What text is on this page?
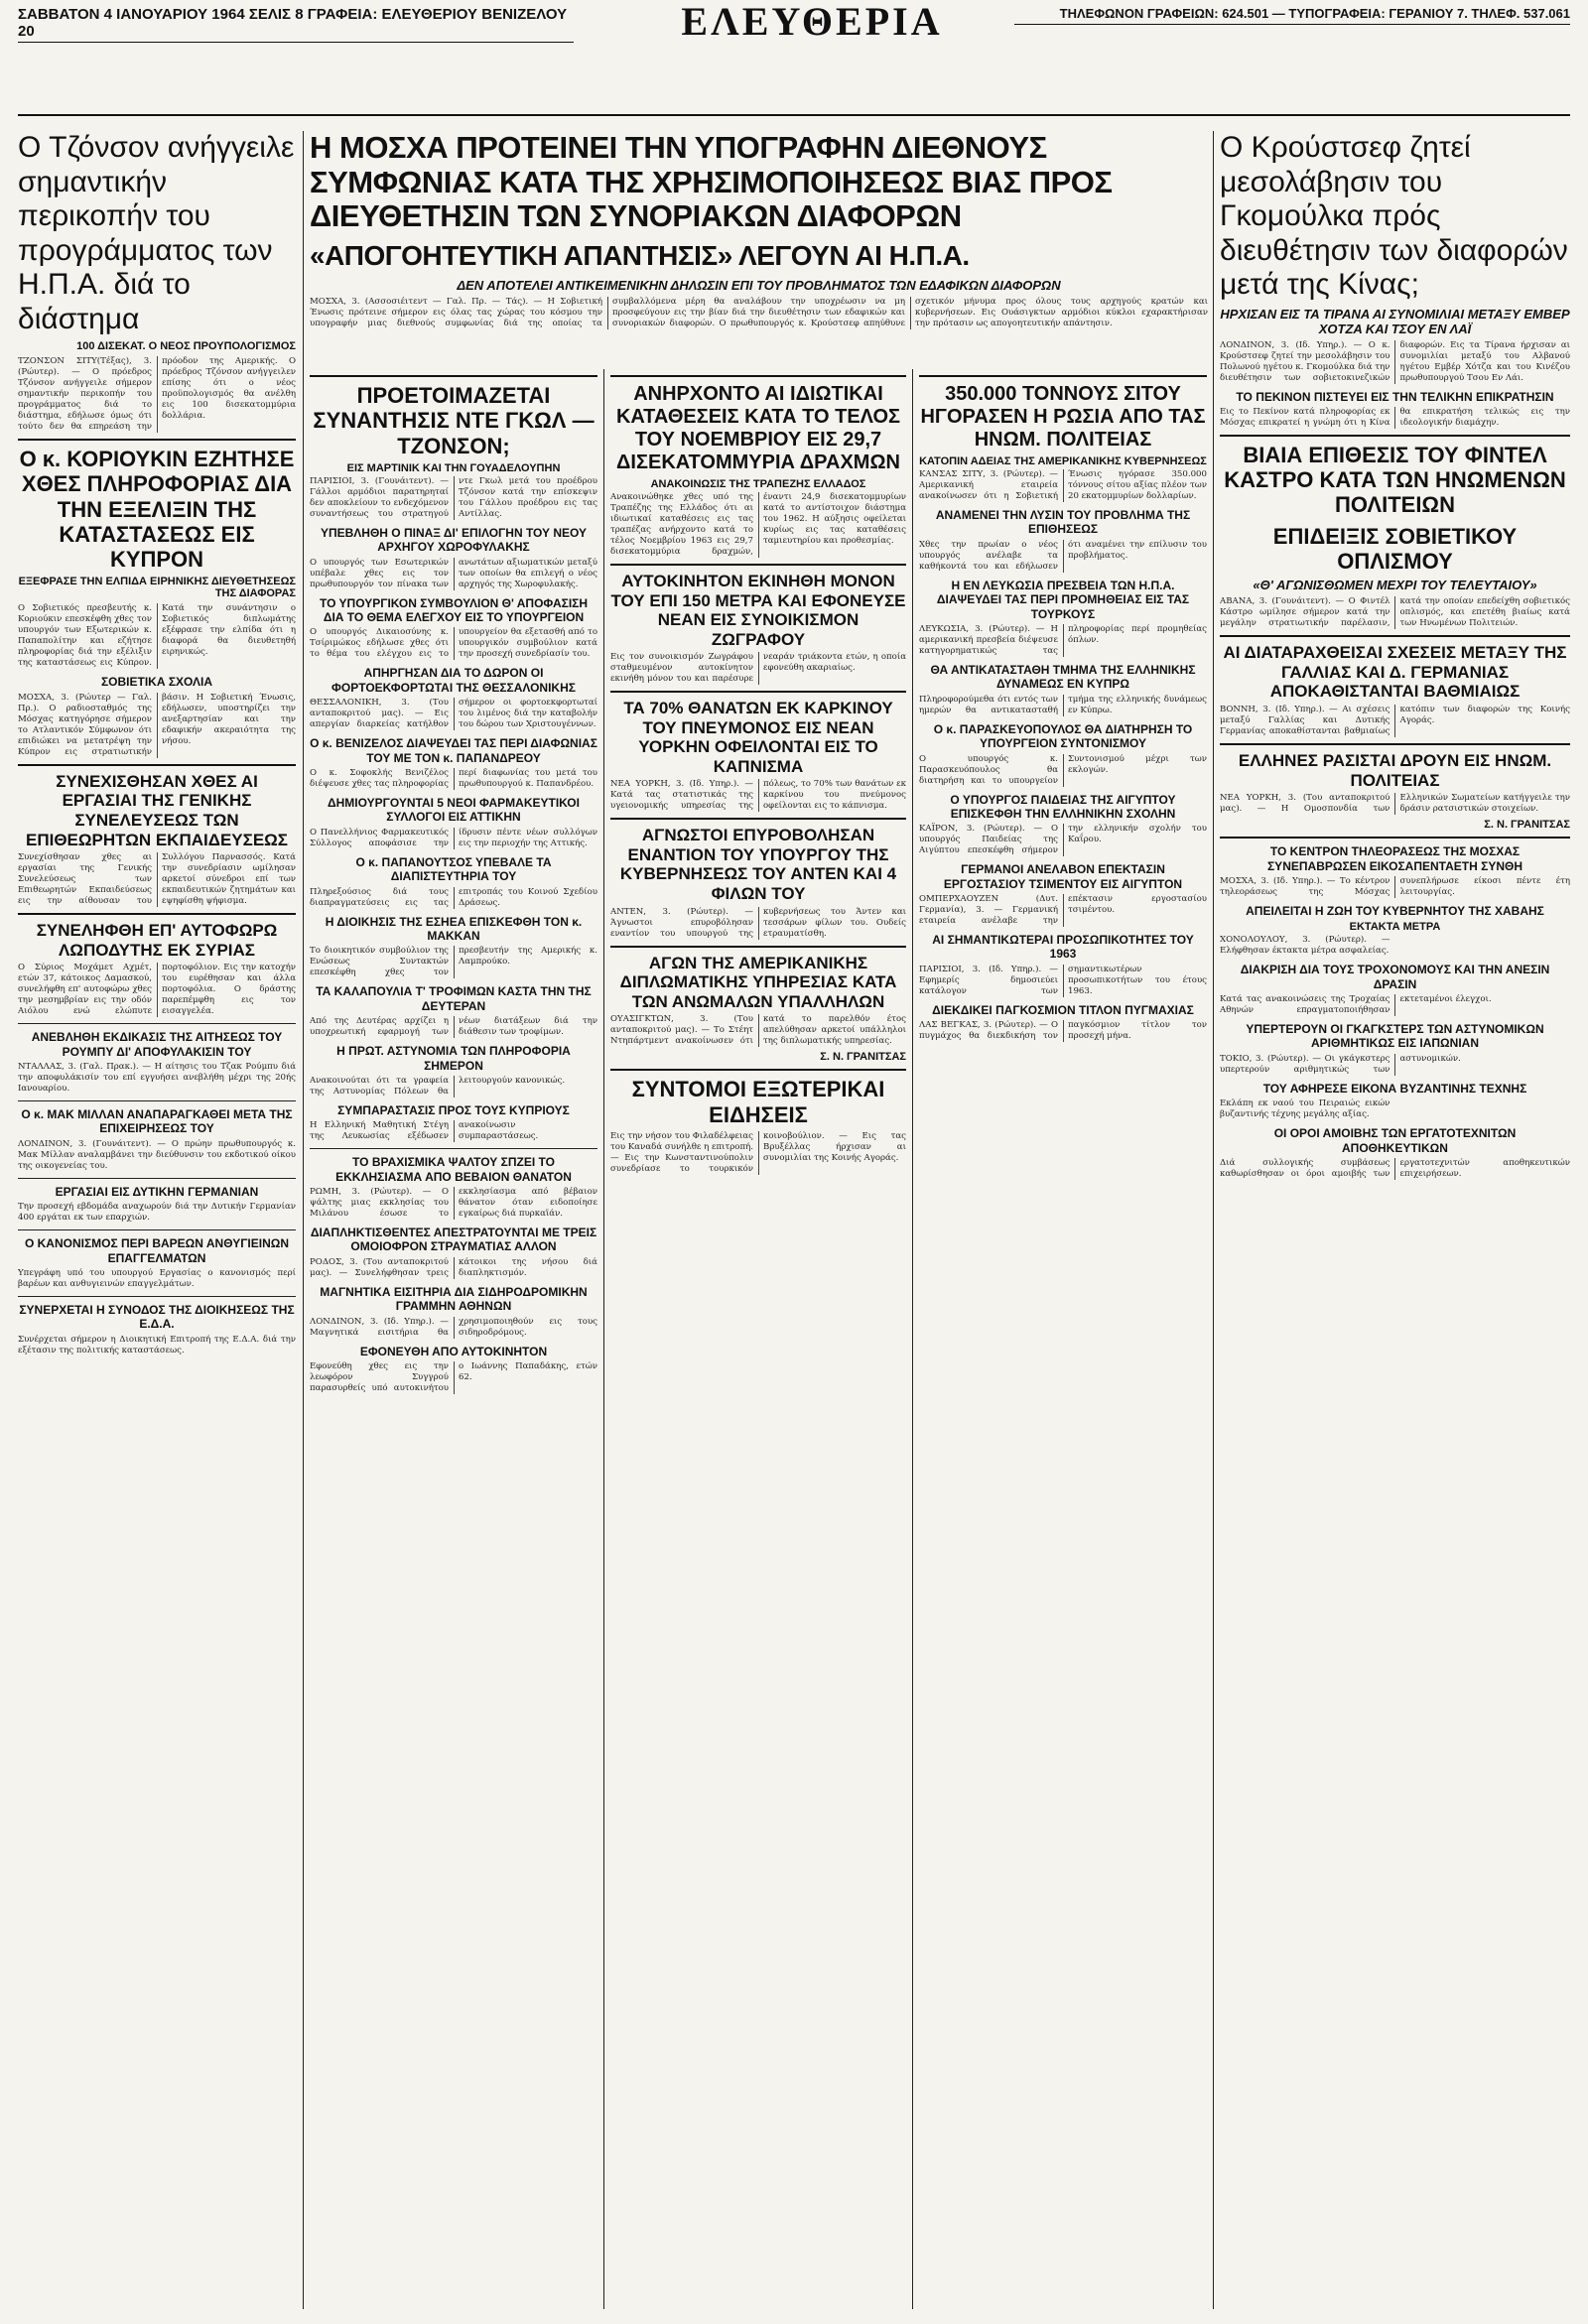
ΣΑΒΒΑΤΟΝ 4 ΙΑΝΟΥΑΡΙΟΥ 1964 ΣΕΛΙΣ 8 ΓΡΑΦΕΙΑ: ΕΛΕΥΘΕΡΙΟΥ ΒΕΝΙΖΕΛΟΥ 20	ΕΛΕΥΘΕΡΙΑ	ΤΗΛΕΦΩΝΟΝ ΓΡΑΦΕΙΩΝ: 624.501 — ΤΥΠΟΓΡΑΦΕΙΑ: ΓΕΡΑΝΙΟΥ 7. ΤΗΛΕΦ. 537.061
Ο Τζόνσον ανήγγειλε σημαντικήν περικοπήν του προγράμματος των Η.Π.Α. διά το διάστημα
100 ΔΙΣΕΚΑΤ. Ο ΝΕΟΣ ΠΡΟΥΠΟΛΟΓΙΣΜΟΣ
ΤΖΟΝΣΟΝ ΣΙΤΥ(Τέξας), 3. (Ρώυτερ). — Ο πρόεδρος Τζόνσον ανήγγειλε σήμερον σημαντικήν περικοπήν του προγράμματος διά το διάστημα, εδήλωσε όμως ότι τούτο δεν θα επηρεάση την πρόοδον της Αμερικής. Ο πρόεδρος Τζόνσον ανήγγειλεν επίσης ότι ο νέος προϋπολογισμός θα ανέλθη εις 100 δισεκατομμύρια δολλάρια.
Ο κ. ΚΟΡΙΟΥΚΙΝ ΕΖΗΤΗΣΕ ΧΘΕΣ ΠΛΗΡΟΦΟΡΙΑΣ ΔΙΑ ΤΗΝ ΕΞΕΛΙΞΙΝ ΤΗΣ ΚΑΤΑΣΤΑΣΕΩΣ ΕΙΣ ΚΥΠΡΟΝ
ΕΞΕΦΡΑΣΕ ΤΗΝ ΕΛΠΙΔΑ ΕΙΡΗΝΙΚΗΣ ΔΙΕΥΘΕΤΗΣΕΩΣ ΤΗΣ ΔΙΑΦΟΡΑΣ
Ο Σοβιετικός πρεσβευτής κ. Κοριούκιν επεσκέφθη χθες τον υπουργόν των Εξωτερικών κ. Παπαπολίτην και εζήτησε πληροφορίας διά την εξέλιξιν της καταστάσεως εις Κύπρον. Κατά την συνάντησιν ο Σοβιετικός διπλωμάτης εξέφρασε την ελπίδα ότι η διαφορά θα διευθετηθή ειρηνικώς.
ΣΟΒΙΕΤΙΚΑ ΣΧΟΛΙΑ
ΜΟΣΧΑ, 3. (Ρώυτερ — Γαλ. Πρ.). Ο ραδιοσταθμός της Μόσχας κατηγόρησε σήμερον το Ατλαντικόν Σύμφωνον ότι επιδιώκει να μετατρέψη την Κύπρον εις στρατιωτικήν βάσιν. Η Σοβιετική Ένωσις, εδήλωσεν, υποστηρίζει την ανεξαρτησίαν και την εδαφικήν ακεραιότητα της νήσου.
ΣΥΝΕΧΙΣΘΗΣΑΝ ΧΘΕΣ ΑΙ ΕΡΓΑΣΙΑΙ ΤΗΣ ΓΕΝΙΚΗΣ ΣΥΝΕΛΕΥΣΕΩΣ ΤΩΝ ΕΠΙΘΕΩΡΗΤΩΝ ΕΚΠΑΙΔΕΥΣΕΩΣ
Συνεχίσθησαν χθες αι εργασίαι της Γενικής Συνελεύσεως των Επιθεωρητών Εκπαιδεύσεως εις την αίθουσαν του Συλλόγου Παρνασσός. Κατά την συνεδρίασιν ωμίλησαν αρκετοί σύνεδροι επί των εκπαιδευτικών ζητημάτων και εψηφίσθη ψήφισμα.
ΣΥΝΕΛΗΦΘΗ ΕΠ' ΑΥΤΟΦΩΡΩ ΛΩΠΟΔΥΤΗΣ ΕΚ ΣΥΡΙΑΣ
Ο Σύριος Μοχάμετ Αχμέτ, ετών 37, κάτοικος Δαμασκού, συνελήφθη επ' αυτοφώρω χθες την μεσημβρίαν εις την οδόν Αιόλου ενώ ελώπυτε πορτοφόλιον. Εις την κατοχήν του ευρέθησαν και άλλα πορτοφόλια. Ο δράστης παρεπέμφθη εις τον εισαγγελέα.
ΑΝΕΒΛΗΘΗ ΕΚΔΙΚΑΣΙΣ ΤΗΣ ΑΙΤΗΣΕΩΣ ΤΟΥ ΡΟΥΜΠΥ ΔΙ' ΑΠΟΦΥΛΑΚΙΣΙΝ ΤΟΥ
ΝΤΑΛΛΑΣ, 3. (Γαλ. Πρακ.). — Η αίτησις του Τζακ Ρούμπυ διά την αποφυλάκισίν του επί εγγυήσει ανεβλήθη μέχρι της 20ής Ιανουαρίου.
Ο κ. ΜΑΚ ΜΙΛΛΑΝ ΑΝΑΠΑΡΑΓΚΑΘΕΙ ΜΕΤΑ ΤΗΣ ΕΠΙΧΕΙΡΗΣΕΩΣ ΤΟΥ
ΛΟΝΔΙΝΟΝ, 3. (Γουνάιτεντ). — Ο πρώην πρωθυπουργός κ. Μακ Μίλλαν αναλαμβάνει την διεύθυνσιν του εκδοτικού οίκου της οικογενείας του.
ΕΡΓΑΣΙΑΙ ΕΙΣ ΔΥΤΙΚΗΝ ΓΕΡΜΑΝΙΑΝ
Την προσεχή εβδομάδα αναχωρούν διά την Δυτικήν Γερμανίαν 400 εργάται εκ των επαρχιών.
Ο ΚΑΝΟΝΙΣΜΟΣ ΠΕΡΙ ΒΑΡΕΩΝ ΑΝΘΥΓΙΕΙΝΩΝ ΕΠΑΓΓΕΛΜΑΤΩΝ
Υπεγράφη υπό του υπουργού Εργασίας ο κανονισμός περί βαρέων και ανθυγιεινών επαγγελμάτων.
ΣΥΝΕΡΧΕΤΑΙ Η ΣΥΝΟΔΟΣ ΤΗΣ ΔΙΟΙΚΗΣΕΩΣ ΤΗΣ Ε.Δ.Α.
Συνέρχεται σήμερον η Διοικητική Επιτροπή της Ε.Δ.Α. διά την εξέτασιν της πολιτικής καταστάσεως.
Η ΜΟΣΧΑ ΠΡΟΤΕΙΝΕΙ ΤΗΝ ΥΠΟΓΡΑΦΗΝ ΔΙΕΘΝΟΥΣ ΣΥΜΦΩΝΙΑΣ ΚΑΤΑ ΤΗΣ ΧΡΗΣΙΜΟΠΟΙΗΣΕΩΣ ΒΙΑΣ ΠΡΟΣ ΔΙΕΥΘΕΤΗΣΙΝ ΤΩΝ ΣΥΝΟΡΙΑΚΩΝ ΔΙΑΦΟΡΩΝ
«ΑΠΟΓΟΗΤΕΥΤΙΚΗ ΑΠΑΝΤΗΣΙΣ» ΛΕΓΟΥΝ ΑΙ Η.Π.Α.
ΔΕΝ ΑΠΟΤΕΛΕΙ ΑΝΤΙΚΕΙΜΕΝΙΚΗΝ ΔΗΛΩΣΙΝ ΕΠΙ ΤΟΥ ΠΡΟΒΛΗΜΑΤΟΣ ΤΩΝ ΕΔΑΦΙΚΩΝ ΔΙΑΦΟΡΩΝ
ΜΟΣΧΑ, 3. (Ασσοσιέιτεντ — Γαλ. Πρ. — Τάς). — Η Σοβιετική Ένωσις πρότεινε σήμερον εις όλας τας χώρας του κόσμου την υπογραφήν μιας διεθνούς συμφωνίας διά της οποίας τα συμβαλλόμενα μέρη θα αναλάβουν την υποχρέωσιν να μη προσφεύγουν εις την βίαν διά την διευθέτησιν των εδαφικών και συνοριακών διαφορών. Ο πρωθυπουργός κ. Κρούστσεφ απηύθυνε σχετικόν μήνυμα προς όλους τους αρχηγούς κρατών και κυβερνήσεων. Εις Ουάσιγκτων αρμόδιοι κύκλοι εχαρακτήρισαν την πρότασιν ως απογοητευτικήν απάντησιν.
ΠΡΟΕΤΟΙΜΑΖΕΤΑΙ ΣΥΝΑΝΤΗΣΙΣ ΝΤΕ ΓΚΩΛ — ΤΖΟΝΣΟΝ;
ΕΙΣ ΜΑΡΤΙΝΙΚ ΚΑΙ ΤΗΝ ΓΟΥΑΔΕΛΟΥΠΗΝ
ΠΑΡΙΣΙΟΙ, 3. (Γουνάιτεντ). — Γάλλοι αρμόδιοι παρατηρηταί δεν αποκλείουν το ενδεχόμενον συναντήσεως του στρατηγού ντε Γκωλ μετά του προέδρου Τζόνσον κατά την επίσκεψιν του Γάλλου προέδρου εις τας Αντίλλας.
ΥΠΕΒΛΗΘΗ Ο ΠΙΝΑΞ ΔΙ' ΕΠΙΛΟΓΗΝ ΤΟΥ ΝΕΟΥ ΑΡΧΗΓΟΥ ΧΩΡΟΦΥΛΑΚΗΣ
Ο υπουργός των Εσωτερικών υπέβαλε χθες εις τον πρωθυπουργόν τον πίνακα των ανωτάτων αξιωματικών μεταξύ των οποίων θα επιλεγή ο νέος αρχηγός της Χωροφυλακής.
ΤΟ ΥΠΟΥΡΓΙΚΟΝ ΣΥΜΒΟΥΛΙΟΝ Θ' ΑΠΟΦΑΣΙΣΗ ΔΙΑ ΤΟ ΘΕΜΑ ΕΛΕΓΧΟΥ ΕΙΣ ΤΟ ΥΠΟΥΡΓΕΙΟΝ
Ο υπουργός Δικαιοσύνης κ. Τσίριμώκος εδήλωσε χθες ότι το θέμα του ελέγχου εις το υπουργείον θα εξετασθή από το υπουργικόν συμβούλιον κατά την προσεχή συνεδρίασίν του.
ΑΠΗΡΓΗΣΑΝ ΔΙΑ ΤΟ ΔΩΡΟΝ ΟΙ ΦΟΡΤΟΕΚΦΟΡΤΩΤΑΙ ΤΗΣ ΘΕΣΣΑΛΟΝΙΚΗΣ
ΘΕΣΣΑΛΟΝΙΚΗ, 3. (Του ανταποκριτού μας). — Εις απεργίαν διαρκείας κατήλθον σήμερον οι φορτοεκφορτωταί του λιμένος διά την καταβολήν του δώρου των Χριστουγέννων.
Ο κ. ΒΕΝΙΖΕΛΟΣ ΔΙΑΨΕΥΔΕΙ ΤΑΣ ΠΕΡΙ ΔΙΑΦΩΝΙΑΣ ΤΟΥ ΜΕ ΤΟΝ κ. ΠΑΠΑΝΔΡΕΟΥ
Ο κ. Σοφοκλής Βενιζέλος διέψευσε χθες τας πληροφορίας περί διαφωνίας του μετά του πρωθυπουργού κ. Παπανδρέου.
ΔΗΜΙΟΥΡΓΟΥΝΤΑΙ 5 ΝΕΟΙ ΦΑΡΜΑΚΕΥΤΙΚΟΙ ΣΥΛΛΟΓΟΙ ΕΙΣ ΑΤΤΙΚΗΝ
Ο Πανελλήνιος Φαρμακευτικός Σύλλογος αποφάσισε την ίδρυσιν πέντε νέων συλλόγων εις την περιοχήν της Αττικής.
Ο κ. ΠΑΠΑΝΟΥΤΣΟΣ ΥΠΕΒΑΛΕ ΤΑ ΔΙΑΠΙΣΤΕΥΤΗΡΙΑ ΤΟΥ
Πληρεξούσιος διά τους διαπραγματεύσεις εις τας επιτροπάς του Κοινού Σχεδίου Δράσεως.
Η ΔΙΟΙΚΗΣΙΣ ΤΗΣ ΕΣΗΕΑ ΕΠΙΣΚΕΦΘΗ ΤΟΝ κ. ΜΑΚΚΑΝ
Το διοικητικόν συμβούλιον της Ενώσεως Συντακτών επεσκέφθη χθες τον πρεσβευτήν της Αμερικής κ. Λαμπρούκο.
ΤΑ ΚΑΛΑΠΟΥΛΙΑ Τ' ΤΡΟΦΙΜΩΝ ΚΑΣΤΑ ΤΗΝ ΤΗΣ ΔΕΥΤΕΡΑΝ
Από της Δευτέρας αρχίζει η υποχρεωτική εφαρμογή των νέων διατάξεων διά την διάθεσιν των τροφίμων.
Η ΠΡΩΤ. ΑΣΤΥΝΟΜΙΑ ΤΩΝ ΠΛΗΡΟΦΟΡΙΑ ΣΗΜΕΡΟΝ
Ανακοινούται ότι τα γραφεία της Αστυνομίας Πόλεων θα λειτουργούν κανονικώς.
ΣΥΜΠΑΡΑΣΤΑΣΙΣ ΠΡΟΣ ΤΟΥΣ ΚΥΠΡΙΟΥΣ
Η Ελληνική Μαθητική Στέγη της Λευκωσίας εξέδωσεν ανακοίνωσιν συμπαραστάσεως.
ΤΟ ΒΡΑΧΙΣΜΙΚΑ ΨΑΛΤΟΥ ΣΠΖΕΙ ΤΟ ΕΚΚΛΗΣΙΑΣΜΑ ΑΠΟ ΒΕΒΑΙΟΝ ΘΑΝΑΤΟΝ
ΡΩΜΗ, 3. (Ρώυτερ). — Ο ψάλτης μιας εκκλησίας του Μιλάνου έσωσε το εκκλησίασμα από βέβαιον θάνατον όταν ειδοποίησε εγκαίρως διά πυρκαϊάν.
ΔΙΑΠΛΗΚΤΙΣΘΕΝΤΕΣ ΑΠΕΣΤΡΑΤΟΥΝΤΑΙ ΜΕ ΤΡΕΙΣ ΟΜΟΙΟΦΡΟΝ ΣΤΡΑΥΜΑΤΙΑΣ ΑΛΛΟΝ
ΡΟΔΟΣ, 3. (Του ανταποκριτού μας). — Συνελήφθησαν τρεις κάτοικοι της νήσου διά διαπληκτισμόν.
ΜΑΓΝΗΤΙΚΑ ΕΙΣΙΤΗΡΙΑ ΔΙΑ ΣΙΔΗΡΟΔΡΟΜΙΚΗΝ ΓΡΑΜΜΗΝ ΑΘΗΝΩΝ
ΛΟΝΔΙΝΟΝ, 3. (Ιδ. Υπηρ.). — Μαγνητικά εισιτήρια θα χρησιμοποιηθούν εις τους σιδηροδρόμους.
ΕΦΟΝΕΥΘΗ ΑΠΟ ΑΥΤΟΚΙΝΗΤΟΝ
Εφονεύθη χθες εις την λεωφόρον Συγγρού παρασυρθείς υπό αυτοκινήτου ο Ιωάννης Παπαδάκης, ετών 62.
ΑΝΗΡΧΟΝΤΟ ΑΙ ΙΔΙΩΤΙΚΑΙ ΚΑΤΑΘΕΣΕΙΣ ΚΑΤΑ ΤΟ ΤΕΛΟΣ ΤΟΥ ΝΟΕΜΒΡΙΟΥ ΕΙΣ 29,7 ΔΙΣΕΚΑΤΟΜΜΥΡΙΑ ΔΡΑΧΜΩΝ
ΑΝΑΚΟΙΝΩΣΙΣ ΤΗΣ ΤΡΑΠΕΖΗΣ ΕΛΛΑΔΟΣ
Ανακοινώθηκε χθες υπό της Τραπέζης της Ελλάδος ότι αι ιδιωτικαί καταθέσεις εις τας τραπέζας ανήρχοντο κατά το τέλος Νοεμβρίου 1963 εις 29,7 δισεκατομμύρια δραχμών, έναντι 24,9 δισεκατομμυρίων κατά το αντίστοιχον διάστημα του 1962. Η αύξησις οφείλεται κυρίως εις τας καταθέσεις ταμιευτηρίου και προθεσμίας.
ΑΥΤΟΚΙΝΗΤΟΝ ΕΚΙΝΗΘΗ ΜΟΝΟΝ ΤΟΥ ΕΠΙ 150 ΜΕΤΡΑ ΚΑΙ ΕΦΟΝΕΥΣΕ ΝΕΑΝ ΕΙΣ ΣΥΝΟΙΚΙΣΜΟΝ ΖΩΓΡΑΦΟΥ
Εις τον συνοικισμόν Ζωγράφου σταθμευμένον αυτοκίνητον εκινήθη μόνον του και παρέσυρε νεαράν τριάκοντα ετών, η οποία εφονεύθη ακαριαίως.
ΤΑ 70% ΘΑΝΑΤΩΝ ΕΚ ΚΑΡΚΙΝΟΥ ΤΟΥ ΠΝΕΥΜΟΝΟΣ ΕΙΣ ΝΕΑΝ ΥΟΡΚΗΝ ΟΦΕΙΛΟΝΤΑΙ ΕΙΣ ΤΟ ΚΑΠΝΙΣΜΑ
ΝΕΑ ΥΟΡΚΗ, 3. (Ιδ. Υπηρ.). — Κατά τας στατιστικάς της υγειονομικής υπηρεσίας της πόλεως, το 70% των θανάτων εκ καρκίνου του πνεύμονος οφείλονται εις το κάπνισμα.
ΑΓΝΩΣΤΟΙ ΕΠΥΡΟΒΟΛΗΣΑΝ ΕΝΑΝΤΙΟΝ ΤΟΥ ΥΠΟΥΡΓΟΥ ΤΗΣ ΚΥΒΕΡΝΗΣΕΩΣ ΤΟΥ ΑΝΤΕΝ ΚΑΙ 4 ΦΙΛΩΝ ΤΟΥ
ΑΝΤΕΝ, 3. (Ρώυτερ). — Άγνωστοι επυροβόλησαν εναντίον του υπουργού της κυβερνήσεως του Άντεν και τεσσάρων φίλων του. Ουδείς ετραυματίσθη.
ΑΓΩΝ ΤΗΣ ΑΜΕΡΙΚΑΝΙΚΗΣ ΔΙΠΛΩΜΑΤΙΚΗΣ ΥΠΗΡΕΣΙΑΣ ΚΑΤΑ ΤΩΝ ΑΝΩΜΑΛΩΝ ΥΠΑΛΛΗΛΩΝ
ΟΥΑΣΙΓΚΤΩΝ, 3. (Του ανταποκριτού μας). — Το Στέητ Ντηπάρτμεντ ανακοίνωσεν ότι κατά το παρελθόν έτος απελύθησαν αρκετοί υπάλληλοι της διπλωματικής υπηρεσίας.
Σ. Ν. ΓΡΑΝΙΤΣΑΣ
ΣΥΝΤΟΜΟΙ ΕΞΩΤΕΡΙΚΑΙ ΕΙΔΗΣΕΙΣ
Εις την νήσον του Φιλαδέλφειας του Καναδά συνήλθε η επιτροπή. — Εις την Κωνσταντινούπολιν συνεδρίασε το τουρκικόν κοινοβούλιον. — Εις τας Βρυξέλλας ήρχισαν αι συνομιλίαι της Κοινής Αγοράς.
350.000 ΤΟΝΝΟΥΣ ΣΙΤΟΥ ΗΓΟΡΑΣΕΝ Η ΡΩΣΙΑ ΑΠΟ ΤΑΣ ΗΝΩΜ. ΠΟΛΙΤΕΙΑΣ
ΚΑΤΟΠΙΝ ΑΔΕΙΑΣ ΤΗΣ ΑΜΕΡΙΚΑΝΙΚΗΣ ΚΥΒΕΡΝΗΣΕΩΣ
ΚΑΝΣΑΣ ΣΙΤΥ, 3. (Ρώυτερ). — Αμερικανική εταιρεία ανακοίνωσεν ότι η Σοβιετική Ένωσις ηγόρασε 350.000 τόννους σίτου αξίας πλέον των 20 εκατομμυρίων δολλαρίων.
ΑΝΑΜΕΝΕΙ ΤΗΝ ΛΥΣΙΝ ΤΟΥ ΠΡΟΒΛΗΜΑ ΤΗΣ ΕΠΙΘΗΣΕΩΣ
Χθες την πρωίαν ο νέος υπουργός ανέλαβε τα καθήκοντά του και εδήλωσεν ότι αναμένει την επίλυσιν του προβλήματος.
Η ΕΝ ΛΕΥΚΩΣΙΑ ΠΡΕΣΒΕΙΑ ΤΩΝ Η.Π.Α. ΔΙΑΨΕΥΔΕΙ ΤΑΣ ΠΕΡΙ ΠΡΟΜΗΘΕΙΑΣ ΕΙΣ ΤΑΣ ΤΟΥΡΚΟΥΣ
ΛΕΥΚΩΣΙΑ, 3. (Ρώυτερ). — Η αμερικανική πρεσβεία διέψευσε κατηγορηματικώς τας πληροφορίας περί προμηθείας όπλων.
ΘΑ ΑΝΤΙΚΑΤΑΣΤΑΘΗ ΤΜΗΜΑ ΤΗΣ ΕΛΛΗΝΙΚΗΣ ΔΥΝΑΜΕΩΣ ΕΝ ΚΥΠΡΩ
Πληροφορούμεθα ότι εντός των ημερών θα αντικατασταθή τμήμα της ελληνικής δυνάμεως εν Κύπρω.
Ο κ. ΠΑΡΑΣΚΕΥΟΠΟΥΛΟΣ ΘΑ ΔΙΑΤΗΡΗΣΗ ΤΟ ΥΠΟΥΡΓΕΙΟΝ ΣΥΝΤΟΝΙΣΜΟΥ
Ο υπουργός κ. Παρασκευόπουλος θα διατηρήση και το υπουργείον Συντονισμού μέχρι των εκλογών.
Ο ΥΠΟΥΡΓΟΣ ΠΑΙΔΕΙΑΣ ΤΗΣ ΑΙΓΥΠΤΟΥ ΕΠΙΣΚΕΦΘΗ ΤΗΝ ΕΛΛΗΝΙΚΗΝ ΣΧΟΛΗΝ
ΚΑΪΡΟΝ, 3. (Ρώυτερ). — Ο υπουργός Παιδείας της Αιγύπτου επεσκέφθη σήμερον την ελληνικήν σχολήν του Καΐρου.
ΓΕΡΜΑΝΟΙ ΑΝΕΛΑΒΟΝ ΕΠΕΚΤΑΣΙΝ ΕΡΓΟΣΤΑΣΙΟΥ ΤΣΙΜΕΝΤΟΥ ΕΙΣ ΑΙΓΥΠΤΟΝ
ΟΜΠΕΡΧΑΟΥΖΕΝ (Δυτ. Γερμανία), 3. — Γερμανική εταιρεία ανέλαβε την επέκτασιν εργοστασίου τσιμέντου.
ΑΙ ΣΗΜΑΝΤΙΚΩΤΕΡΑΙ ΠΡΟΣΩΠΙΚΟΤΗΤΕΣ ΤΟΥ 1963
ΠΑΡΙΣΙΟΙ, 3. (Ιδ. Υπηρ.). — Εφημερίς δημοσιεύει κατάλογον των σημαντικωτέρων προσωπικοτήτων του έτους 1963.
ΔΙΕΚΔΙΚΕΙ ΠΑΓΚΟΣΜΙΟΝ ΤΙΤΛΟΝ ΠΥΓΜΑΧΙΑΣ
ΛΑΣ ΒΕΓΚΑΣ, 3. (Ρώυτερ). — Ο πυγμάχος θα διεκδικήση τον παγκόσμιον τίτλον τον προσεχή μήνα.
Ο Κρούστσεφ ζητεί μεσολάβησιν του Γκομούλκα πρός διευθέτησιν των διαφορών μετά της Κίνας;
ΗΡΧΙΣΑΝ ΕΙΣ ΤΑ ΤΙΡΑΝΑ ΑΙ ΣΥΝΟΜΙΛΙΑΙ ΜΕΤΑΞΥ ΕΜΒΕΡ ΧΟΤΖΑ ΚΑΙ ΤΣΟΥ ΕΝ ΛΑΪ
ΛΟΝΔΙΝΟΝ, 3. (Ιδ. Υπηρ.). — Ο κ. Κρούστσεφ ζητεί την μεσολάβησιν του Πολωνού ηγέτου κ. Γκομούλκα διά την διευθέτησιν των σοβιετοκινεζικών διαφορών. Εις τα Τίρανα ήρχισαν αι συνομιλίαι μεταξύ του Αλβανού ηγέτου Εμβέρ Χότζα και του Κινέζου πρωθυπουργού Τσου Εν Λάι.
ΤΟ ΠΕΚΙΝΟΝ ΠΙΣΤΕΥΕΙ ΕΙΣ ΤΗΝ ΤΕΛΙΚΗΝ ΕΠΙΚΡΑΤΗΣΙΝ
Εις το Πεκίνον κατά πληροφορίας εκ Μόσχας επικρατεί η γνώμη ότι η Κίνα θα επικρατήση τελικώς εις την ιδεολογικήν διαμάχην.
ΒΙΑΙΑ ΕΠΙΘΕΣΙΣ ΤΟΥ ΦΙΝΤΕΛ ΚΑΣΤΡΟ ΚΑΤΑ ΤΩΝ ΗΝΩΜΕΝΩΝ ΠΟΛΙΤΕΙΩΝ
ΕΠΙΔΕΙΞΙΣ ΣΟΒΙΕΤΙΚΟΥ ΟΠΛΙΣΜΟΥ
«Θ' ΑΓΩΝΙΣΘΩΜΕΝ ΜΕΧΡΙ ΤΟΥ ΤΕΛΕΥΤΑΙΟΥ»
ΑΒΑΝΑ, 3. (Γουνάιτεντ). — Ο Φιντέλ Κάστρο ωμίλησε σήμερον κατά την μεγάλην στρατιωτικήν παρέλασιν, κατά την οποίαν επεδείχθη σοβιετικός οπλισμός, και επετέθη βιαίως κατά των Ηνωμένων Πολιτειών.
ΑΙ ΔΙΑΤΑΡΑΧΘΕΙΣΑΙ ΣΧΕΣΕΙΣ ΜΕΤΑΞΥ ΤΗΣ ΓΑΛΛΙΑΣ ΚΑΙ Δ. ΓΕΡΜΑΝΙΑΣ ΑΠΟΚΑΘΙΣΤΑΝΤΑΙ ΒΑΘΜΙΑΙΩΣ
ΒΟΝΝΗ, 3. (Ιδ. Υπηρ.). — Αι σχέσεις μεταξύ Γαλλίας και Δυτικής Γερμανίας αποκαθίστανται βαθμιαίως κατόπιν των διαφορών της Κοινής Αγοράς.
ΕΛΛΗΝΕΣ ΡΑΣΙΣΤΑΙ ΔΡΟΥΝ ΕΙΣ ΗΝΩΜ. ΠΟΛΙΤΕΙΑΣ
ΝΕΑ ΥΟΡΚΗ, 3. (Του ανταποκριτού μας). — Η Ομοσπονδία των Ελληνικών Σωματείων κατήγγειλε την δράσιν ρατσιστικών στοιχείων.
Σ. Ν. ΓΡΑΝΙΤΣΑΣ
ΤΟ ΚΕΝΤΡΟΝ ΤΗΛΕΟΡΑΣΕΩΣ ΤΗΣ ΜΟΣΧΑΣ ΣΥΝΕΠΑΒΡΩΣΕΝ ΕΙΚΟΣΑΠΕΝΤΑΕΤΗ ΣΥΝΘΗ
ΜΟΣΧΑ, 3. (Ιδ. Υπηρ.). — Το κέντρον τηλεοράσεως της Μόσχας συνεπλήρωσε είκοσι πέντε έτη λειτουργίας.
ΑΠΕΙΛΕΙΤΑΙ Η ΖΩΗ ΤΟΥ ΚΥΒΕΡΝΗΤΟΥ ΤΗΣ ΧΑΒΑΗΣ
ΕΚΤΑΚΤΑ ΜΕΤΡΑ
ΧΟΝΟΛΟΥΛΟΥ, 3. (Ρώυτερ). — Ελήφθησαν έκτακτα μέτρα ασφαλείας.
ΔΙΑΚΡΙΣΗ ΔΙΑ ΤΟΥΣ ΤΡΟΧΟΝΟΜΟΥΣ ΚΑΙ ΤΗΝ ΑΝΕΣΙΝ ΔΡΑΣΙΝ
Κατά τας ανακοινώσεις της Τροχαίας Αθηνών επραγματοποιήθησαν εκτεταμένοι έλεγχοι.
ΥΠΕΡΤΕΡΟΥΝ ΟΙ ΓΚΑΓΚΣΤΕΡΣ ΤΩΝ ΑΣΤΥΝΟΜΙΚΩΝ ΑΡΙΘΜΗΤΙΚΩΣ ΕΙΣ ΙΑΠΩΝΙΑΝ
ΤΟΚΙΟ, 3. (Ρώυτερ). — Οι γκάγκστερς υπερτερούν αριθμητικώς των αστυνομικών.
ΤΟΥ ΑΦΗΡΕΣΕ ΕΙΚΟΝΑ ΒΥΖΑΝΤΙΝΗΣ ΤΕΧΝΗΣ
Εκλάπη εκ ναού του Πειραιώς εικών βυζαντινής τέχνης μεγάλης αξίας.
ΟΙ ΟΡΟΙ ΑΜΟΙΒΗΣ ΤΩΝ ΕΡΓΑΤΟΤΕΧΝΙΤΩΝ ΑΠΟΘΗΚΕΥΤΙΚΩΝ
Διά συλλογικής συμβάσεως καθωρίσθησαν οι όροι αμοιβής των εργατοτεχνιτών αποθηκευτικών επιχειρήσεων.
